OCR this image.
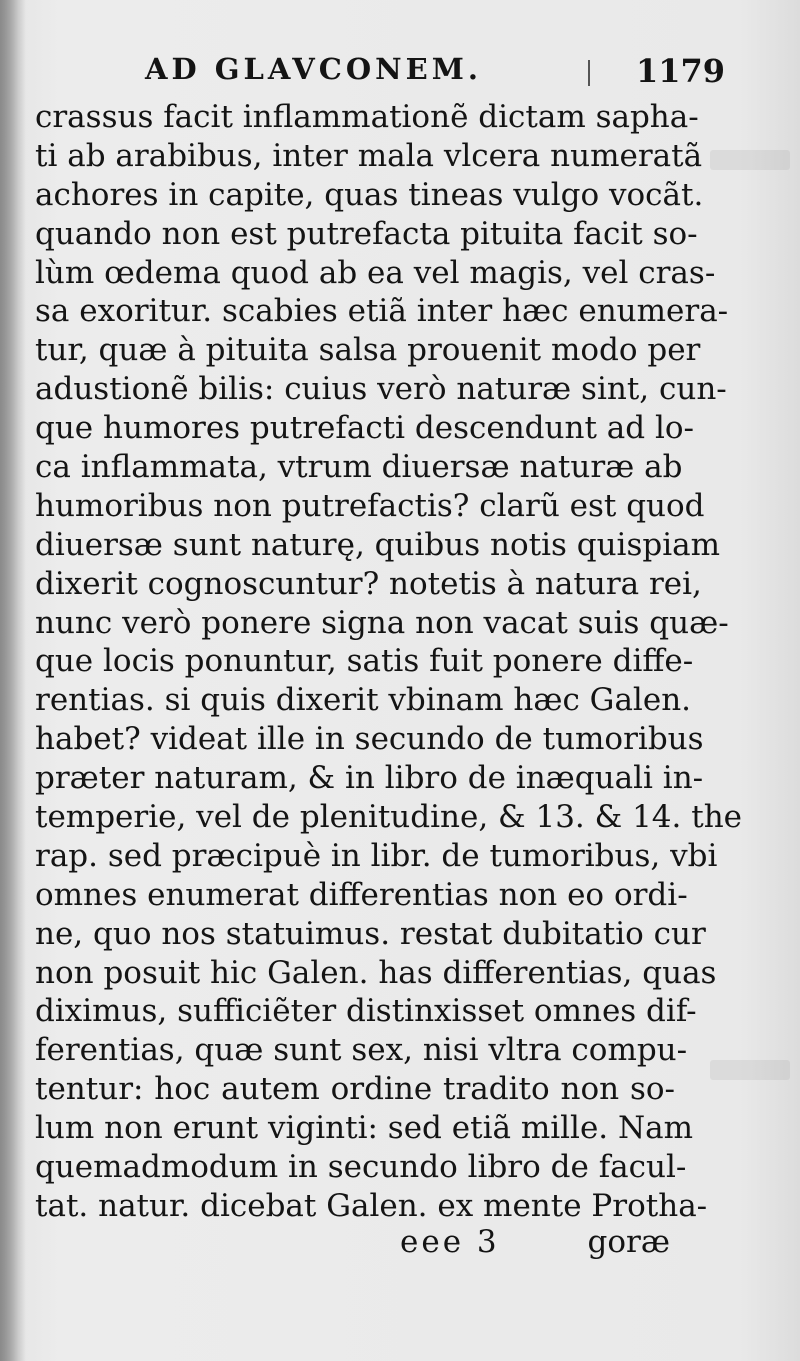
AD GLAVCONEM.	1179
crassus facit inflammationẽ dictam sapha-
ti ab arabibus, inter mala vlcera numeratã
achores in capite, quas tineas vulgo vocãt.
quando non est putrefacta pituita facit so-
lùm œdema quod ab ea vel magis, vel cras-
sa exoritur. scabies etiã inter hæc enumera-
tur, quæ à pituita salsa prouenit modo per
adustionẽ bilis: cuius verò naturæ sint, cun-
que humores putrefacti descendunt ad lo-
ca inflammata, vtrum diuersæ naturæ ab
humoribus non putrefactis? clarũ est quod
diuersæ sunt naturę, quibus notis quispiam
dixerit cognoscuntur? notetis à natura rei,
nunc verò ponere signa non vacat suis quæ-
que locis ponuntur, satis fuit ponere diffe-
rentias. si quis dixerit vbinam hæc Galen.
habet? videat ille in secundo de tumoribus
præter naturam, & in libro de inæquali in-
temperie, vel de plenitudine, & 13. & 14. the
rap. sed præcipuè in libr. de tumoribus, vbi
omnes enumerat differentias non eo ordi-
ne, quo nos statuimus. restat dubitatio cur
non posuit hic Galen. has differentias, quas
diximus, sufficiẽter distinxisset omnes dif-
ferentias, quæ sunt sex, nisi vltra compu-
tentur: hoc autem ordine tradito non so-
lum non erunt viginti: sed etiã mille. Nam
quemadmodum in secundo libro de facul-
tat. natur. dicebat Galen. ex mente Protha-
eee 3	goræ
